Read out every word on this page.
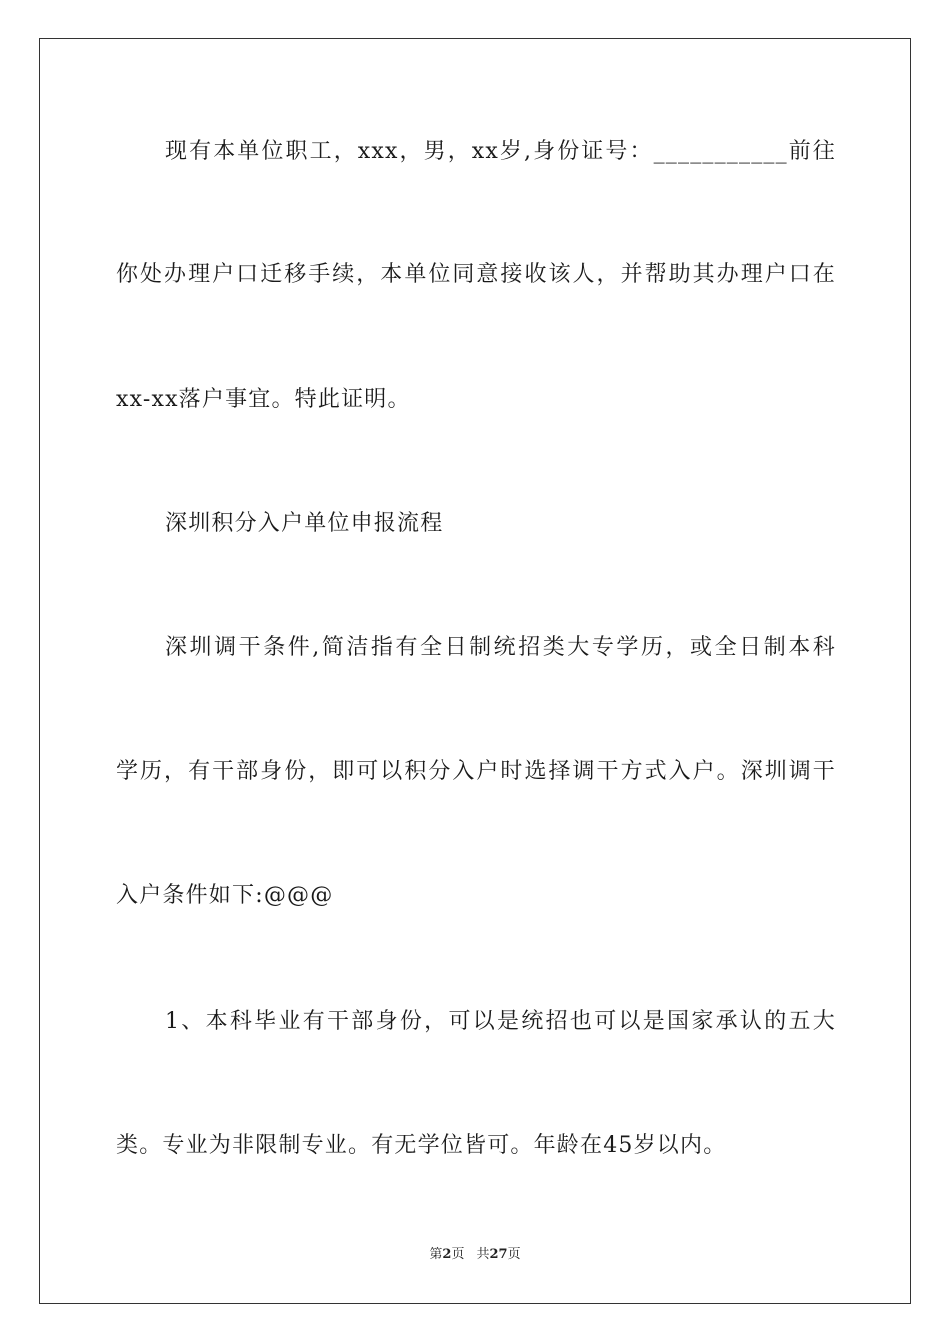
现有本单位职工，xxx，男，xx岁,身份证号：___________前往
你处办理户口迁移手续，本单位同意接收该人，并帮助其办理户口在
xx-xx落户事宜。特此证明。
深圳积分入户单位申报流程
深圳调干条件,简洁指有全日制统招类大专学历，或全日制本科
学历，有干部身份，即可以积分入户时选择调干方式入户。深圳调干
入户条件如下:@@@
1、本科毕业有干部身份，可以是统招也可以是国家承认的五大
类。专业为非限制专业。有无学位皆可。年龄在45岁以内。
第2页 共27页
